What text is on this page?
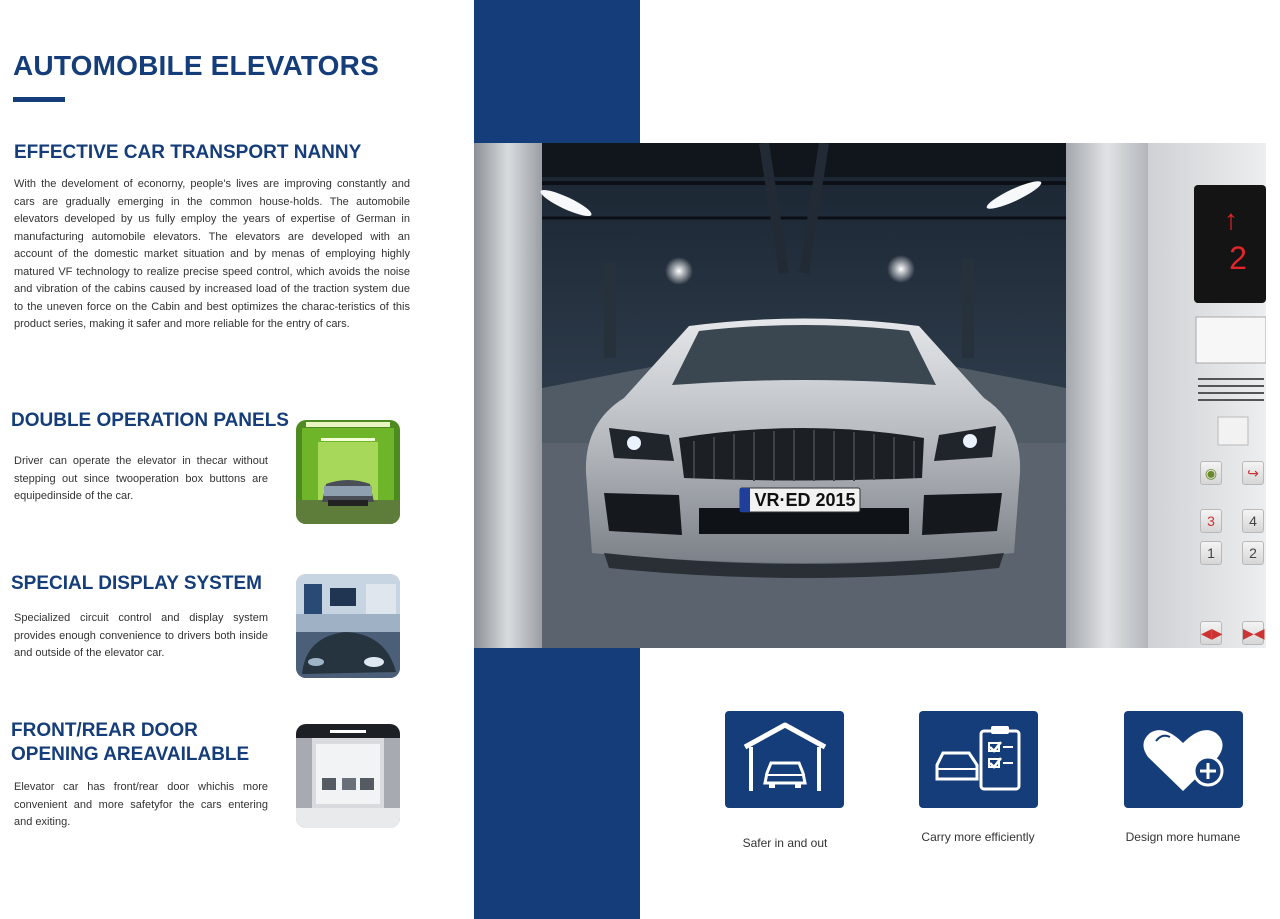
AUTOMOBILE ELEVATORS
EFFECTIVE CAR TRANSPORT NANNY

With the develoment of econorny, people's lives are improving constantly and cars are gradually emerging in the common house-holds. The automobile elevators developed by us fully employ the years of expertise of German in manufacturing automobile elevators. The elevators are developed with an account of the domestic market situation and by menas of employing highly matured VF technology to realize precise speed control, which avoids the noise and vibration of the cabins caused by increased load of the traction system due to the uneven force on the Cabin and best optimizes the charac-teristics of this product series, making it safer and more reliable for the entry of cars.

DOUBLE OPERATION PANELS

Driver can operate the elevator in thecar without stepping out since twooperation box buttons are equipedinside of the car.

SPECIAL DISPLAY SYSTEM

Specialized circuit control and display system provides enough convenience to drivers both inside and outside of the elevator car.

FRONT/REAR DOOR
OPENING AREAVAILABLE

Elevator car has front/rear door whichis more convenient and more safetyfor the cars entering and exiting.

VR·ED 2015
↑
2
◉	↪
3	4
1	2
◀▶ ▶◀
Safer in and out	Carry more efficiently	Design more humane
